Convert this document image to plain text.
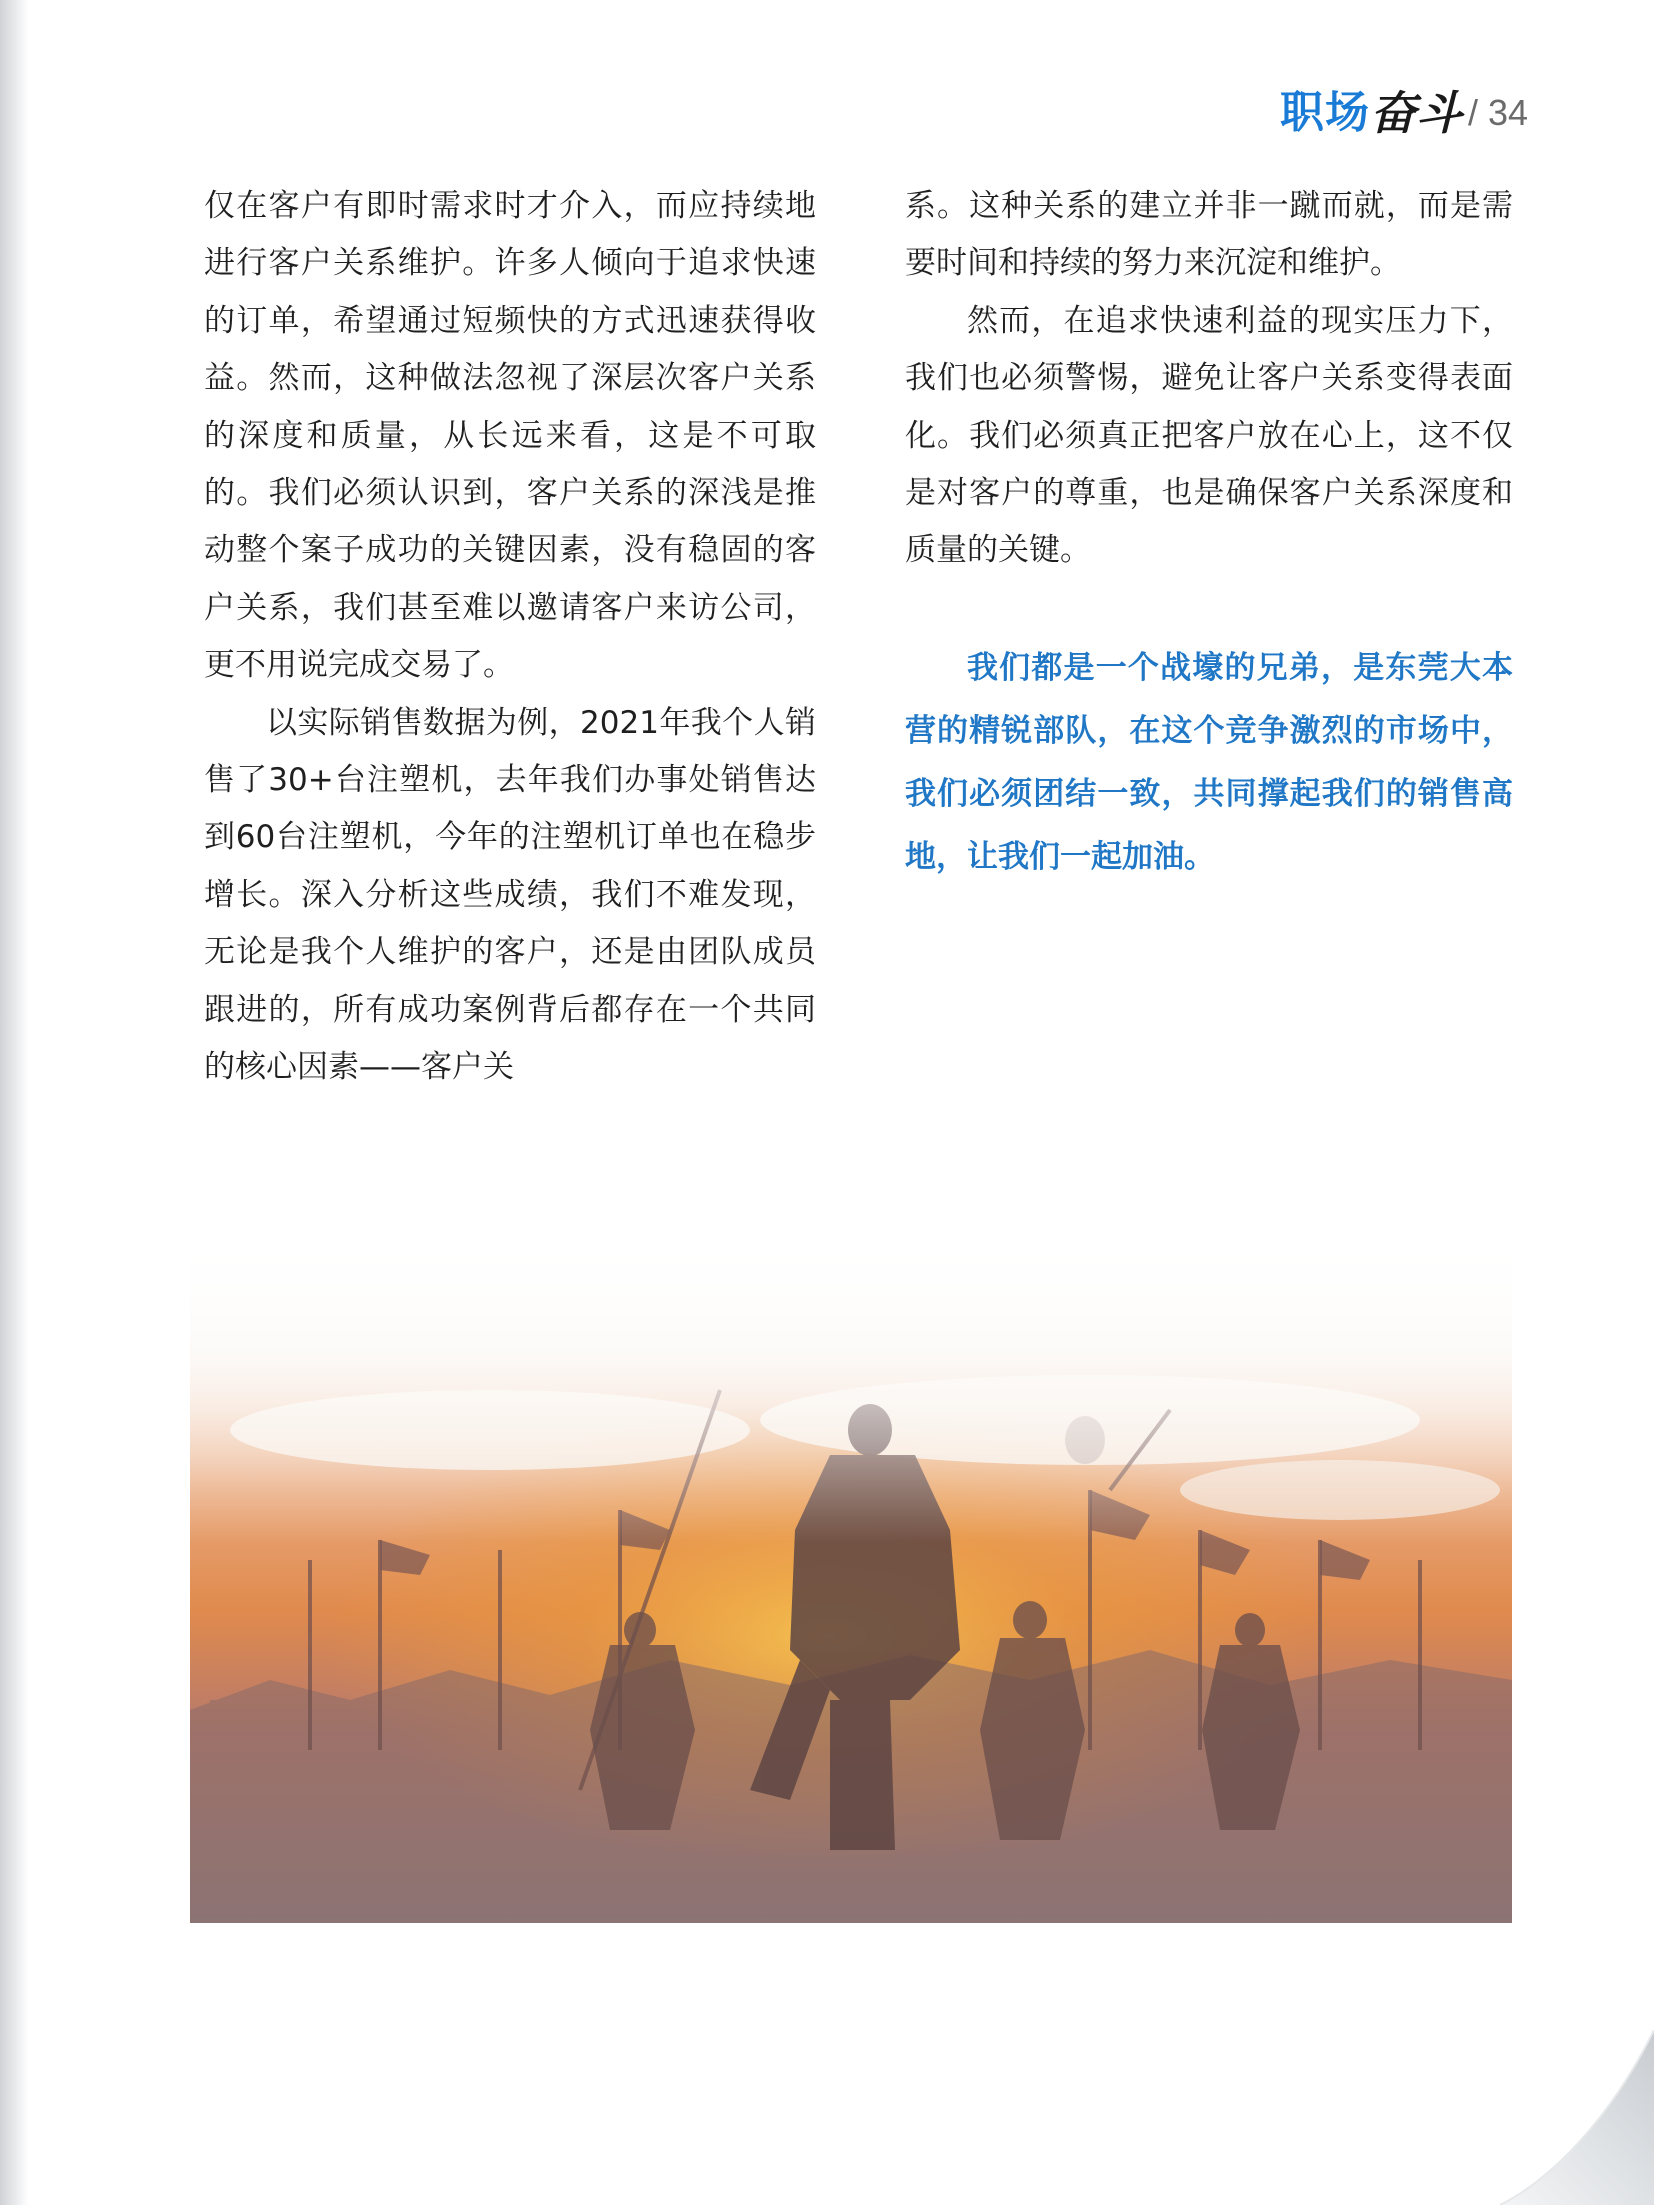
职场 奋斗 / 34

仅在客户有即时需求时才介入，而应持续地进行客户关系维护。许多人倾向于追求快速的订单，希望通过短频快的方式迅速获得收益。然而，这种做法忽视了深层次客户关系的深度和质量，从长远来看，这是不可取的。我们必须认识到，客户关系的深浅是推动整个案子成功的关键因素，没有稳固的客户关系，我们甚至难以邀请客户来访公司，更不用说完成交易了。

以实际销售数据为例，2021年我个人销售了30+台注塑机，去年我们办事处销售达到60台注塑机，今年的注塑机订单也在稳步增长。深入分析这些成绩，我们不难发现，无论是我个人维护的客户，还是由团队成员跟进的，所有成功案例背后都存在一个共同的核心因素——客户关

系。这种关系的建立并非一蹴而就，而是需要时间和持续的努力来沉淀和维护。

然而，在追求快速利益的现实压力下，我们也必须警惕，避免让客户关系变得表面化。我们必须真正把客户放在心上，这不仅是对客户的尊重，也是确保客户关系深度和质量的关键。

我们都是一个战壕的兄弟，是东莞大本营的精锐部队，在这个竞争激烈的市场中，我们必须团结一致，共同撑起我们的销售高地，让我们一起加油。
